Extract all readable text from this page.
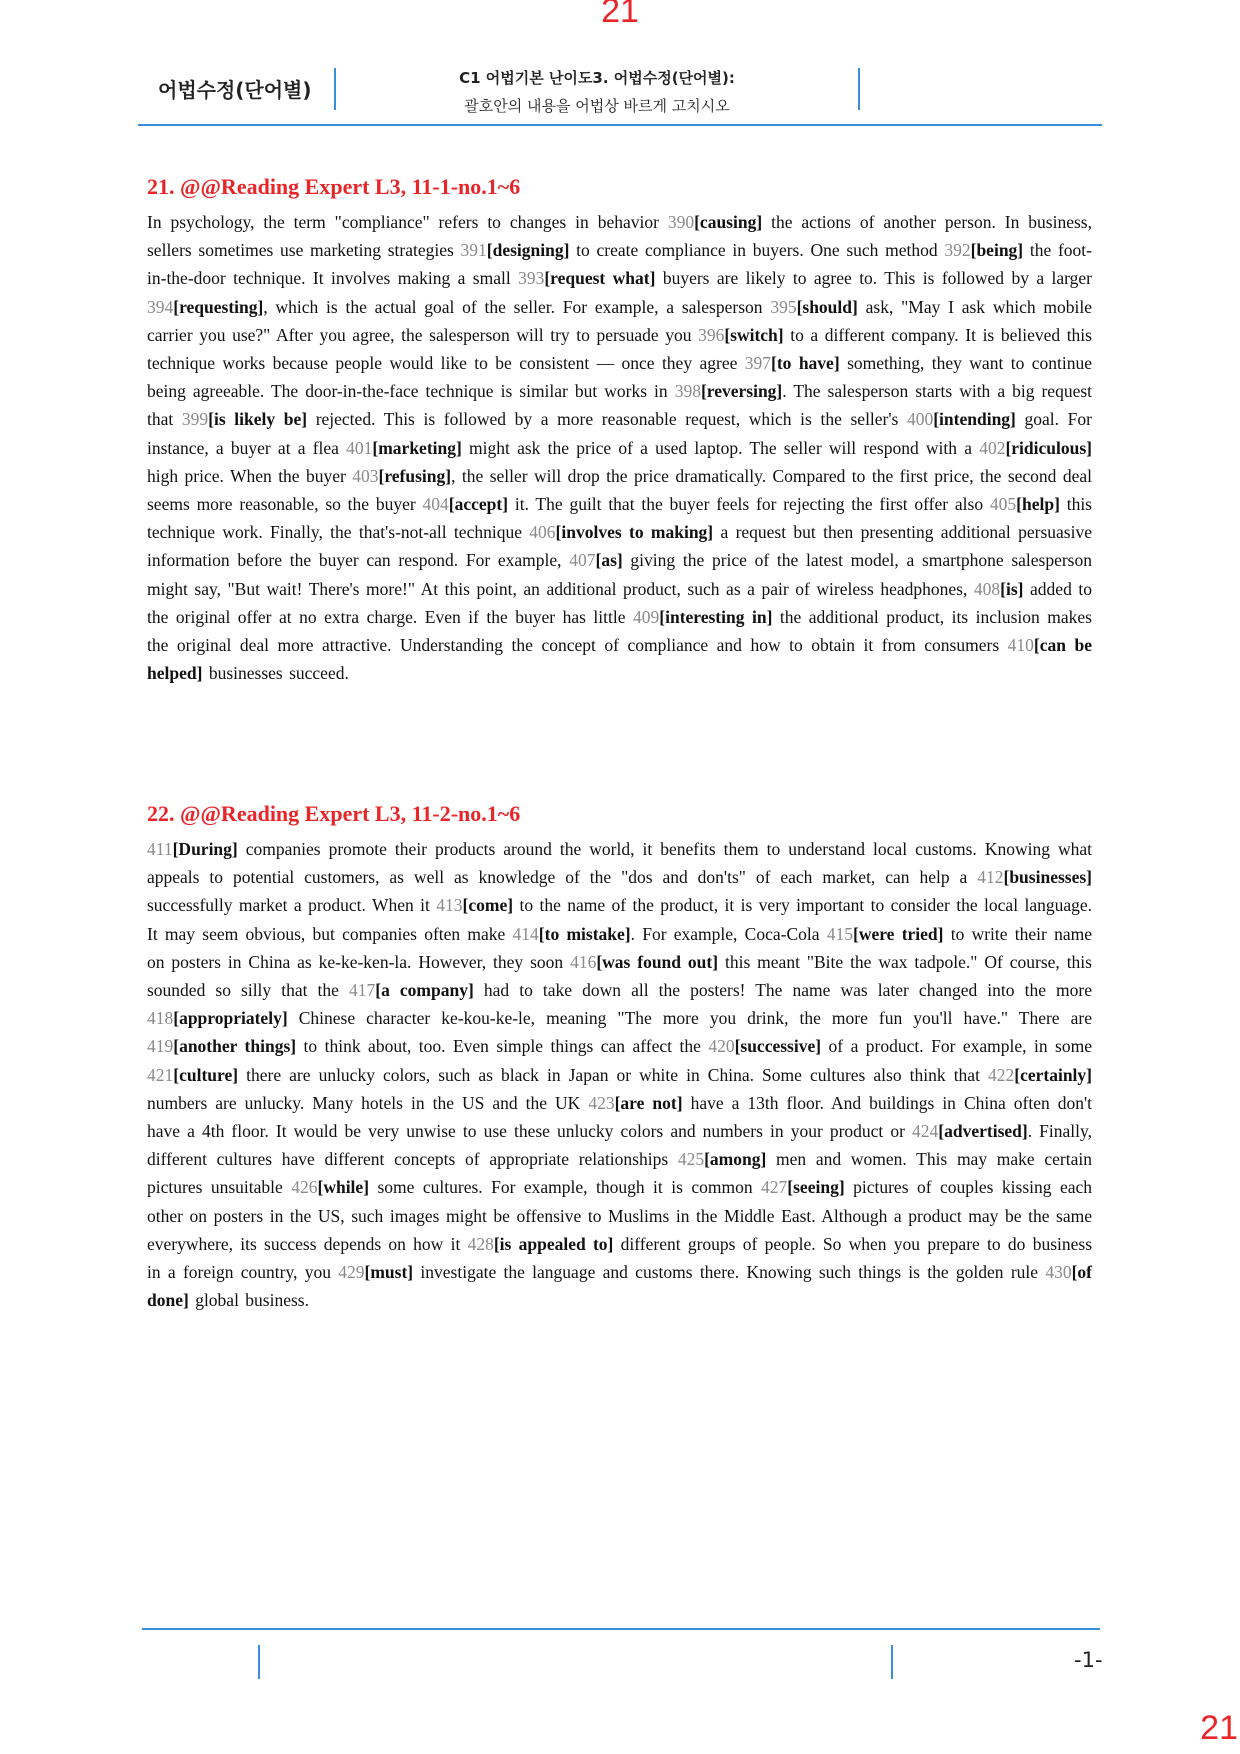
21
어법수정(단어별)	C1 어법기본 난이도3. 어법수정(단어별):
괄호안의 내용을 어법상 바르게 고치시오
21. @@Reading Expert L3, 11-1-no.1~6
In psychology, the term "compliance" refers to changes in behavior 390[causing] the actions of another person. In business, sellers sometimes use marketing strategies 391[designing] to create compliance in buyers. One such method 392[being] the foot-in-the-door technique. It involves making a small 393[request what] buyers are likely to agree to. This is followed by a larger 394[requesting], which is the actual goal of the seller. For example, a salesperson 395[should] ask, "May I ask which mobile carrier you use?" After you agree, the salesperson will try to persuade you 396[switch] to a different company. It is believed this technique works because people would like to be consistent — once they agree 397[to have] something, they want to continue being agreeable. The door-in-the-face technique is similar but works in 398[reversing]. The salesperson starts with a big request that 399[is likely be] rejected. This is followed by a more reasonable request, which is the seller's 400[intending] goal. For instance, a buyer at a flea 401[marketing] might ask the price of a used laptop. The seller will respond with a 402[ridiculous] high price. When the buyer 403[refusing], the seller will drop the price dramatically. Compared to the first price, the second deal seems more reasonable, so the buyer 404[accept] it. The guilt that the buyer feels for rejecting the first offer also 405[help] this technique work. Finally, the that's-not-all technique 406[involves to making] a request but then presenting additional persuasive information before the buyer can respond. For example, 407[as] giving the price of the latest model, a smartphone salesperson might say, "But wait! There's more!" At this point, an additional product, such as a pair of wireless headphones, 408[is] added to the original offer at no extra charge. Even if the buyer has little 409[interesting in] the additional product, its inclusion makes the original deal more attractive. Understanding the concept of compliance and how to obtain it from consumers 410[can be helped] businesses succeed.
22. @@Reading Expert L3, 11-2-no.1~6
411[During] companies promote their products around the world, it benefits them to understand local customs. Knowing what appeals to potential customers, as well as knowledge of the "dos and don'ts" of each market, can help a 412[businesses] successfully market a product. When it 413[come] to the name of the product, it is very important to consider the local language. It may seem obvious, but companies often make 414[to mistake]. For example, Coca-Cola 415[were tried] to write their name on posters in China as ke-ke-ken-la. However, they soon 416[was found out] this meant "Bite the wax tadpole." Of course, this sounded so silly that the 417[a company] had to take down all the posters! The name was later changed into the more 418[appropriately] Chinese character ke-kou-ke-le, meaning "The more you drink, the more fun you'll have." There are 419[another things] to think about, too. Even simple things can affect the 420[successive] of a product. For example, in some 421[culture] there are unlucky colors, such as black in Japan or white in China. Some cultures also think that 422[certainly] numbers are unlucky. Many hotels in the US and the UK 423[are not] have a 13th floor. And buildings in China often don't have a 4th floor. It would be very unwise to use these unlucky colors and numbers in your product or 424[advertised]. Finally, different cultures have different concepts of appropriate relationships 425[among] men and women. This may make certain pictures unsuitable 426[while] some cultures. For example, though it is common 427[seeing] pictures of couples kissing each other on posters in the US, such images might be offensive to Muslims in the Middle East. Although a product may be the same everywhere, its success depends on how it 428[is appealed to] different groups of people. So when you prepare to do business in a foreign country, you 429[must] investigate the language and customs there. Knowing such things is the golden rule 430[of done] global business.
-1-
21
